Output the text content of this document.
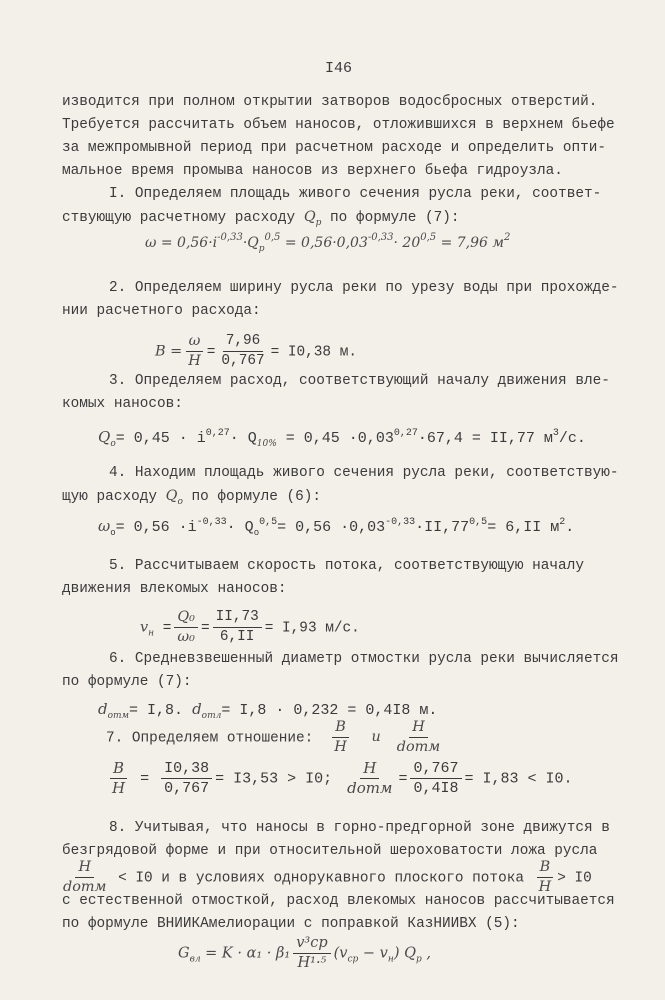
I46
изводится при полном открытии затворов водосбросных отверстий.
Требуется рассчитать объем наносов, отложившихся в верхнем бьефе
за межпромывной период при расчетном расходе и определить опти-
мальное время промыва наносов из верхнего бьефа гидроузла.
I. Определяем площадь живого сечения русла реки, соответ-
ствующую расчетному расходу $Q_p$ по формуле (7):
$\omega = 0,56\cdot i^{-0,33}\cdot Q_p^{0,5} = 0,56\cdot 0,03^{-0,33}\cdot 20^{0,5} = 7,96$ $м^2$
2. Определяем ширину русла реки по урезу воды при прохожде-
нии расчетного расхода:
$B = \frac{\omega}{H} = \frac{7,96}{0,767} = I0,38$ м.
3. Определяем расход, соответствующий началу движения вле-
комых наносов:
$Q_o= 0,45 \cdot i^{0,27}\cdot Q_{10\%} = 0,45 \cdot 0,03^{0,27}\cdot 67,4 = II,77$ $м^3/с$.
4. Находим площадь живого сечения русла реки, соответствую-
щую расходу $Q_o$ по формуле (6):
$\omega_o= 0,56 \cdot i^{-0,33}\cdot Q_o^{0,5}= 0,56 \cdot 0,03^{-0,33}\cdot II,77^{0,5}= 6,II$ $м^2$.
5. Рассчитываем скорость потока, соответствующую началу
движения влекомых наносов:
$v_н = \frac{\text{Q₀}}{\text{ω₀}} = \frac{II,73}{6,II} = I,93$ м/с.
6. Средневзвешенный диаметр отмостки русла реки вычисляется
по формуле (7):
$d_{отм}= I,8$. $d_{отл}= I,8 \cdot 0,232 = 0,4I8$ м.
7. Определяем отношение: $\frac{B}{H}$ и $\frac{H}{\text{dотм}}$
$\frac{B}{H} = \frac{I0,38}{0,767} = I3,53 > I0$; $\frac{H}{\text{dотм}} = \frac{0,767}{0,4I8} = I,83 < I0$.
8. Учитывая, что наносы в горно-предгорной зоне движутся в
безгрядовой форме и при относительной шероховатости ложа русла
$\frac{H}{\text{dотм}} < I0$ и в условиях однорукавного плоского потока $\frac{B}{H} > I0$
с естественной отмосткой, расход влекомых наносов рассчитывается
по формуле ВНИИКАмелиорации с поправкой КазНИИВХ (5):
$G_{вл} = K \cdot \alpha_1 \cdot \beta_1 \frac{\text{v³ср}}{\text{H¹·⁵}} (v_{ср} - v_н)$ $Q_p$ ,
